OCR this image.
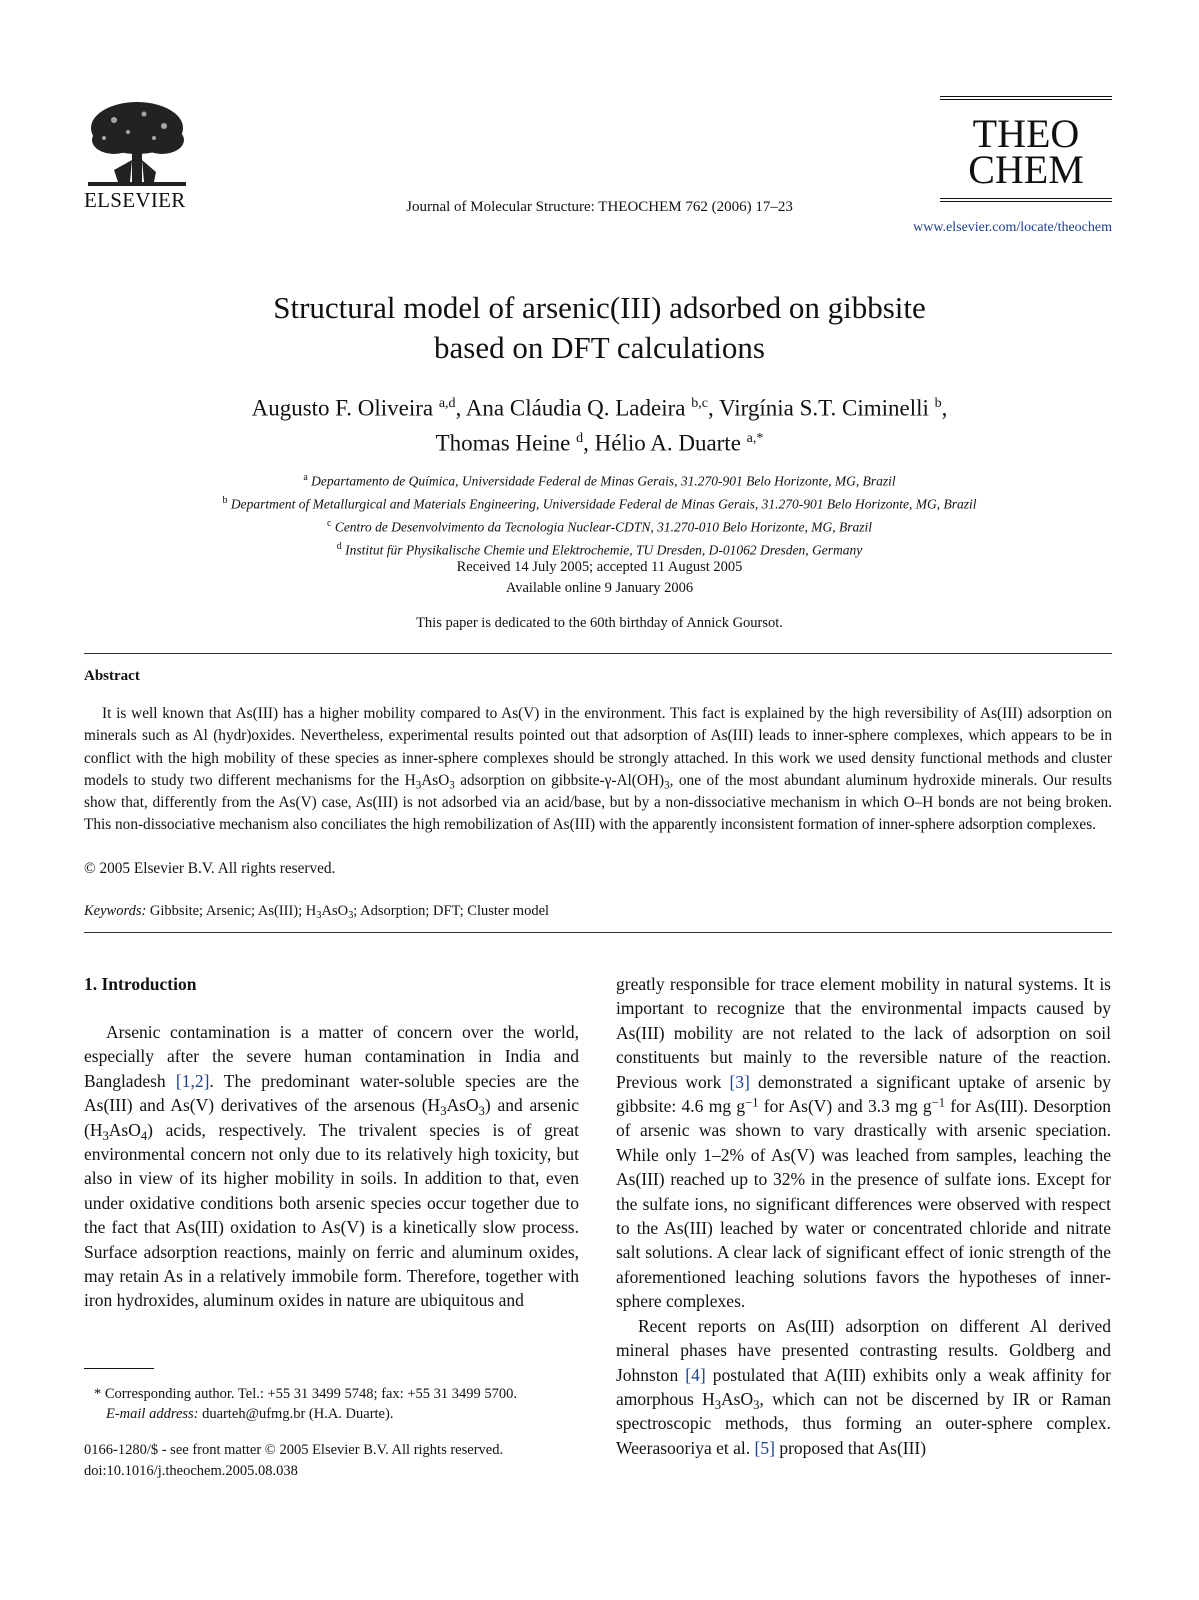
ELSEVIER	Journal of Molecular Structure: THEOCHEM 762 (2006) 17–23
THEO
CHEM
www.elsevier.com/locate/theochem
Structural model of arsenic(III) adsorbed on gibbsite
based on DFT calculations
Augusto F. Oliveira $^{a,d}$, Ana Cláudia Q. Ladeira $^{b,c}$, Virgínia S.T. Ciminelli $^b$,
Thomas Heine $^d$, Hélio A. Duarte $^{a,*}$
$^a$ Departamento de Química, Universidade Federal de Minas Gerais, 31.270-901 Belo Horizonte, MG, Brazil
$^b$ Department of Metallurgical and Materials Engineering, Universidade Federal de Minas Gerais, 31.270-901 Belo Horizonte, MG, Brazil
$^c$ Centro de Desenvolvimento da Tecnologia Nuclear-CDTN, 31.270-010 Belo Horizonte, MG, Brazil
$^d$ Institut für Physikalische Chemie und Elektrochemie, TU Dresden, D-01062 Dresden, Germany
Received 14 July 2005; accepted 11 August 2005
Available online 9 January 2006
This paper is dedicated to the 60th birthday of Annick Goursot.
Abstract
It is well known that As(III) has a higher mobility compared to As(V) in the environment. This fact is explained by the high reversibility of As(III) adsorption on minerals such as Al (hydr)oxides. Nevertheless, experimental results pointed out that adsorption of As(III) leads to inner-sphere complexes, which appears to be in conflict with the high mobility of these species as inner-sphere complexes should be strongly attached. In this work we used density functional methods and cluster models to study two different mechanisms for the $H_3AsO_3$ adsorption on gibbsite-$\gamma-Al(OH)_3$, one of the most abundant aluminum hydroxide minerals. Our results show that, differently from the As(V) case, As(III) is not adsorbed via an acid/base, but by a non-dissociative mechanism in which O–H bonds are not being broken. This non-dissociative mechanism also conciliates the high remobilization of As(III) with the apparently inconsistent formation of inner-sphere adsorption complexes.
© 2005 Elsevier B.V. All rights reserved.
Keywords: Gibbsite; Arsenic; As(III); $H_3AsO_3$; Adsorption; DFT; Cluster model
1. Introduction

Arsenic contamination is a matter of concern over the world, especially after the severe human contamination in India and Bangladesh [1,2]. The predominant water-soluble species are the As(III) and As(V) derivatives of the arsenous $(H_3AsO_3)$ and arsenic $(H_3AsO_4)$ acids, respectively. The trivalent species is of great environmental concern not only due to its relatively high toxicity, but also in view of its higher mobility in soils. In addition to that, even under oxidative conditions both arsenic species occur together due to the fact that As(III) oxidation to As(V) is a kinetically slow process. Surface adsorption reactions, mainly on ferric and aluminum oxides, may retain As in a relatively immobile form. Therefore, together with iron hydroxides, aluminum oxides in nature are ubiquitous and

greatly responsible for trace element mobility in natural systems. It is important to recognize that the environmental impacts caused by As(III) mobility are not related to the lack of adsorption on soil constituents but mainly to the reversible nature of the reaction. Previous work [3] demonstrated a significant uptake of arsenic by gibbsite: 4.6 mg $g^{-1}$ for As(V) and 3.3 mg $g^{-1}$ for As(III). Desorption of arsenic was shown to vary drastically with arsenic speciation. While only 1–2% of As(V) was leached from samples, leaching the As(III) reached up to 32% in the presence of sulfate ions. Except for the sulfate ions, no significant differences were observed with respect to the As(III) leached by water or concentrated chloride and nitrate salt solutions. A clear lack of significant effect of ionic strength of the aforementioned leaching solutions favors the hypotheses of inner-sphere complexes.

Recent reports on As(III) adsorption on different Al derived mineral phases have presented contrasting results. Goldberg and Johnston [4] postulated that A(III) exhibits only a weak affinity for amorphous $H_3AsO_3$, which can not be discerned by IR or Raman spectroscopic methods, thus forming an outer-sphere complex. Weerasooriya et al. [5] proposed that As(III)

* Corresponding author. Tel.: +55 31 3499 5748; fax: +55 31 3499 5700.
E-mail address: duarteh@ufmg.br (H.A. Duarte).
0166-1280/$ - see front matter © 2005 Elsevier B.V. All rights reserved.
doi:10.1016/j.theochem.2005.08.038
